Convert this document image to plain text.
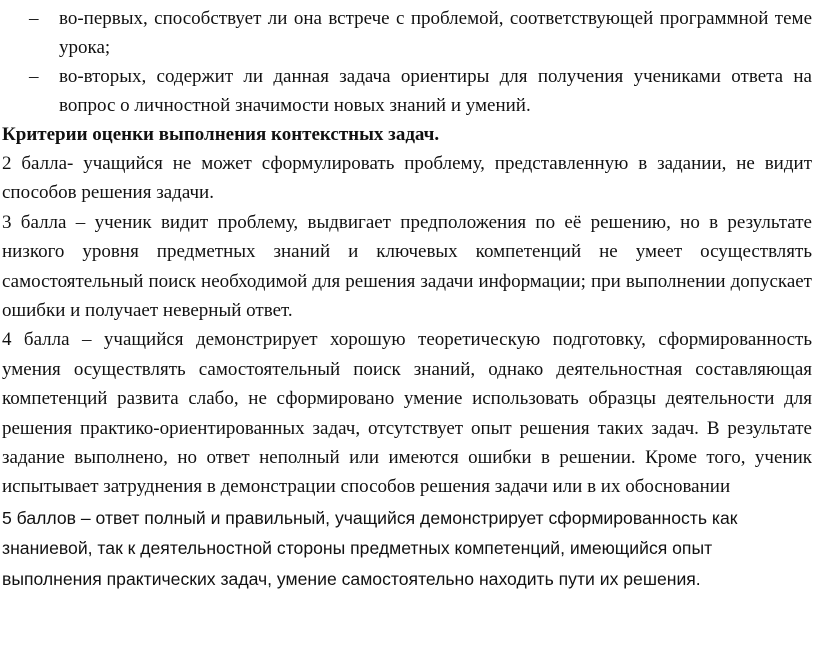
– во-первых, способствует ли она встрече с проблемой, соответствующей программной теме урока;
– во-вторых, содержит ли данная задача ориентиры для получения учениками ответа на вопрос о личностной значимости новых знаний и умений.

Критерии оценки выполнения контекстных задач.

2 балла- учащийся не может сформулировать проблему, представленную в задании, не видит способов решения задачи.

3 балла – ученик видит проблему, выдвигает предположения по её решению, но в результате низкого уровня предметных знаний и ключевых компетенций не умеет осуществлять самостоятельный поиск необходимой для решения задачи информации; при выполнении допускает ошибки и получает неверный ответ.

4 балла – учащийся демонстрирует хорошую теоретическую подготовку, сформированность умения осуществлять самостоятельный поиск знаний, однако деятельностная составляющая компетенций развита слабо, не сформировано умение использовать образцы деятельности для решения практико-ориентированных задач, отсутствует опыт решения таких задач. В результате задание выполнено, но ответ неполный или имеются ошибки в решении. Кроме того, ученик испытывает затруднения в демонстрации способов решения задачи или в их обосновании

5 баллов – ответ полный и правильный, учащийся демонстрирует сформированность как знаниевой, так к деятельностной стороны предметных компетенций, имеющийся опыт выполнения практических задач, умение самостоятельно находить пути их решения.
